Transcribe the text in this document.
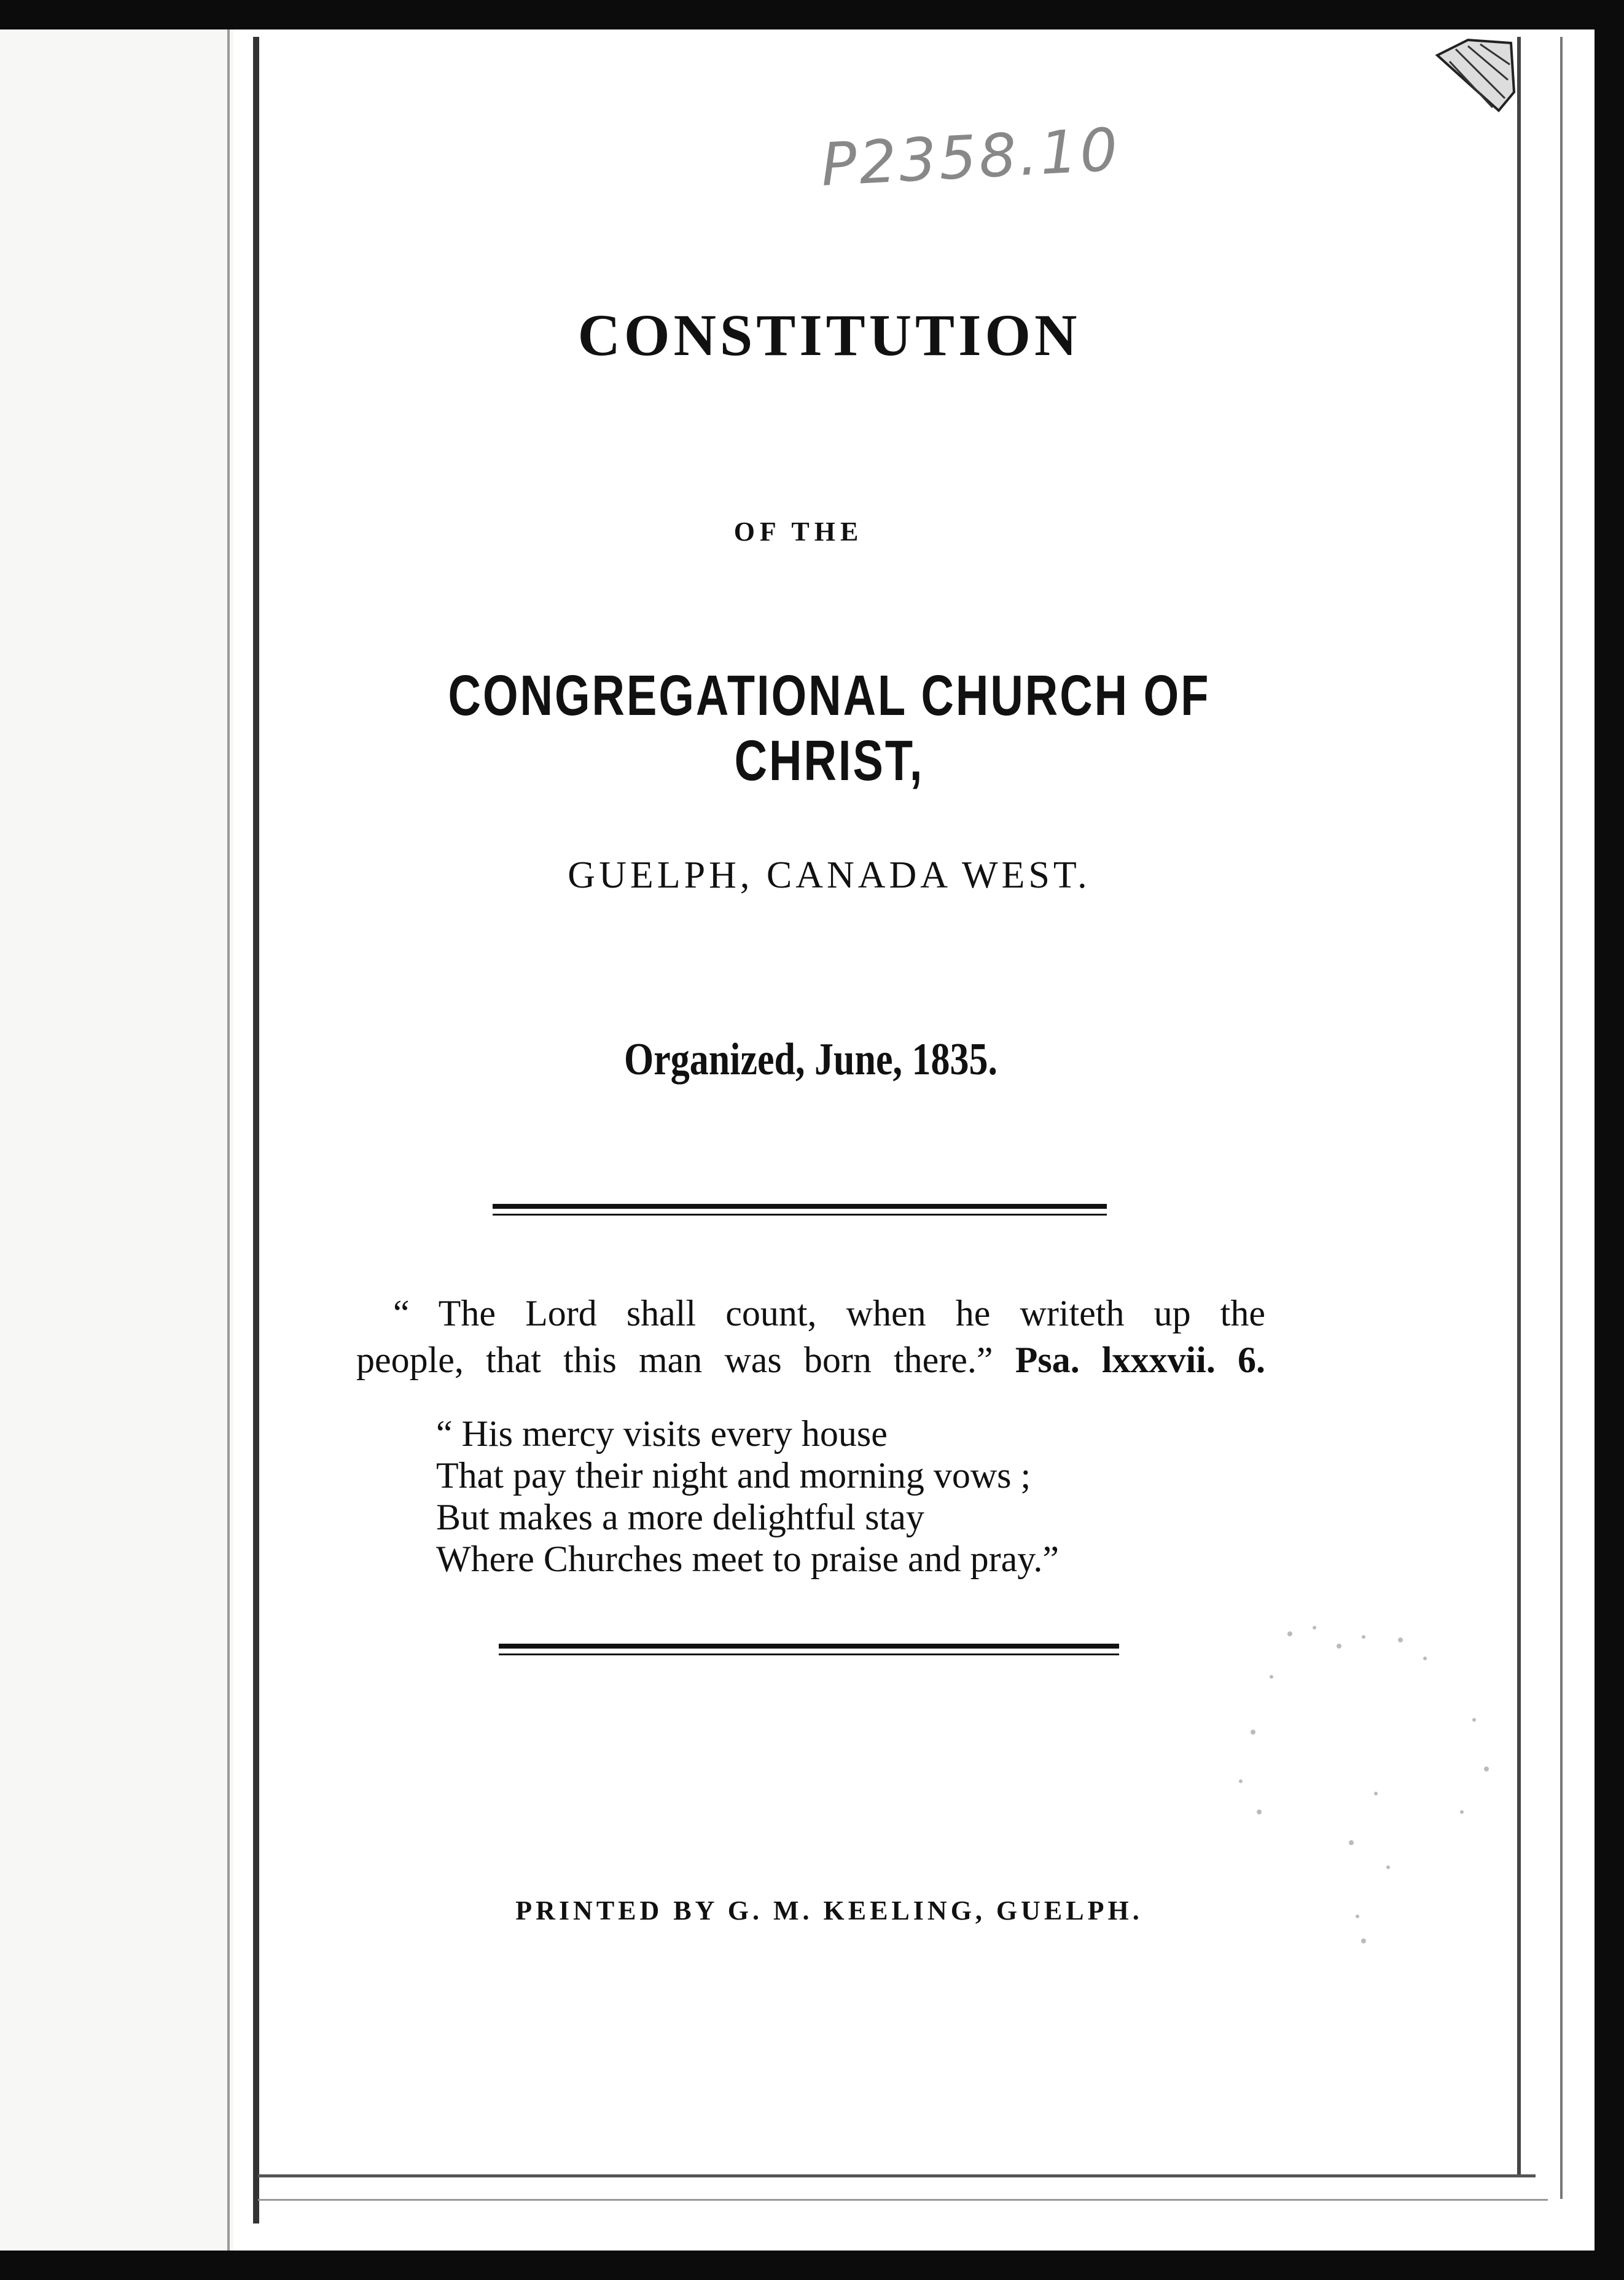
P2358.10
CONSTITUTION
OF THE
CONGREGATIONAL CHURCH OF CHRIST,
GUELPH, CANADA WEST.
Organized, June, 1835.
“ The Lord shall count, when he writeth up the
people, that this man was born there.” Psa. lxxxvii. 6.
“ His mercy visits every house
That pay their night and morning vows ;
But makes a more delightful stay
Where Churches meet to praise and pray.”
PRINTED BY G. M. KEELING, GUELPH.
